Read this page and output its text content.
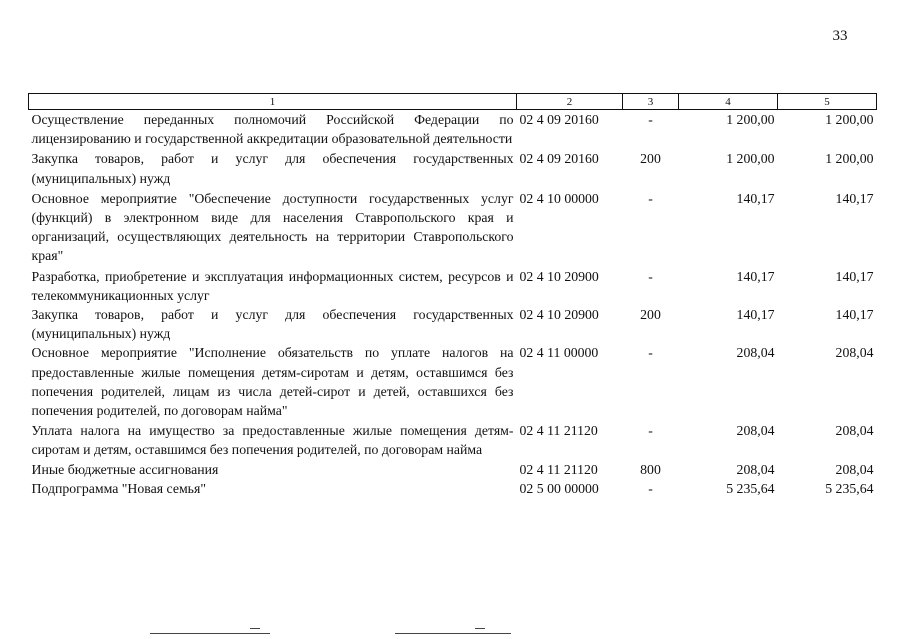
33
1	2	3	4	5
Осуществление переданных полномочий Российской Федерации по лицензированию и государственной аккредитации образовательной деятельности	02 4 09 20160	-	1 200,00	1 200,00
Закупка товаров, работ и услуг для обеспечения государственных (муниципальных) нужд	02 4 09 20160	200	1 200,00	1 200,00
Основное мероприятие "Обеспечение доступности государственных услуг (функций) в электронном виде для населения Ставропольского края и организаций, осуществляющих деятельность на территории Ставропольского края"	02 4 10 00000	-	140,17	140,17
Разработка, приобретение и эксплуатация информационных систем, ресурсов и телекоммуникационных услуг	02 4 10 20900	-	140,17	140,17
Закупка товаров, работ и услуг для обеспечения государственных (муниципальных) нужд	02 4 10 20900	200	140,17	140,17
Основное мероприятие "Исполнение обязательств по уплате налогов на предоставленные жилые помещения детям-сиротам и детям, оставшимся без попечения родителей, лицам из числа детей-сирот и детей, оставшихся без попечения родителей, по договорам найма"	02 4 11 00000	-	208,04	208,04
Уплата налога на имущество за предоставленные жилые помещения детям-сиротам и детям, оставшимся без попечения родителей, по договорам найма	02 4 11 21120	-	208,04	208,04
Иные бюджетные ассигнования	02 4 11 21120	800	208,04	208,04
Подпрограмма "Новая семья"	02 5 00 00000	-	5 235,64	5 235,64
